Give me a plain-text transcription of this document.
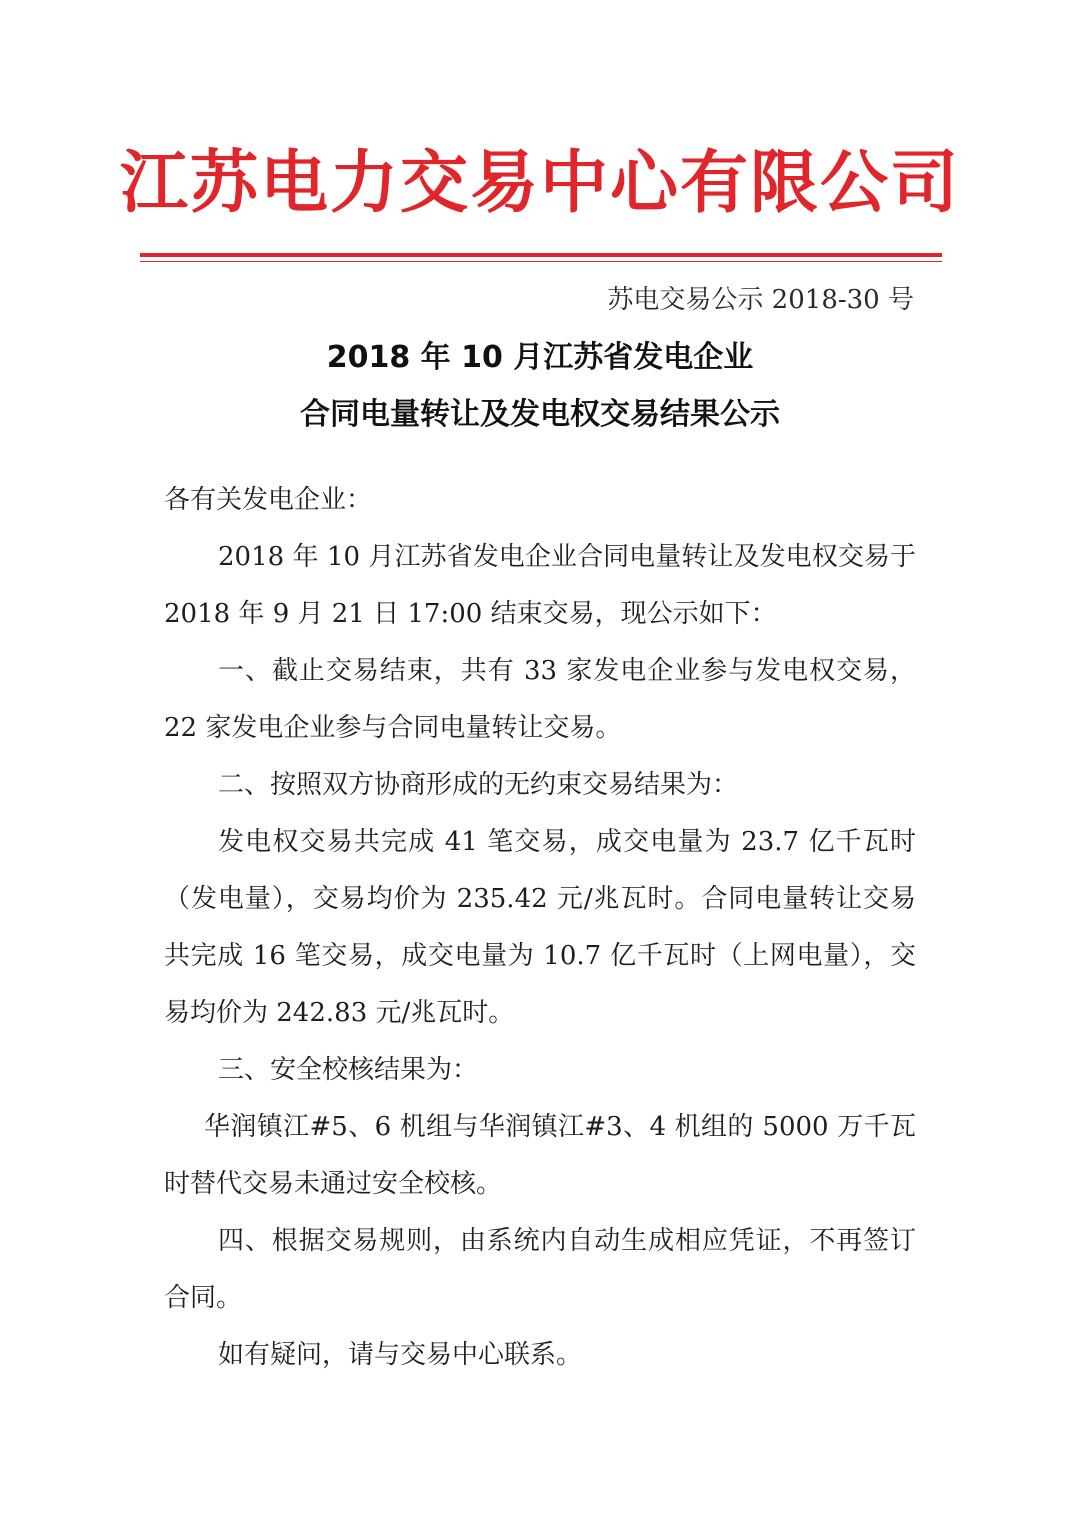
江苏电力交易中心有限公司
苏电交易公示 2018-30 号
2018 年 10 月江苏省发电企业
合同电量转让及发电权交易结果公示
各有关发电企业：
2018 年 10 月江苏省发电企业合同电量转让及发电权交易于 2018 年 9 月 21 日 17:00 结束交易，现公示如下：
一、截止交易结束，共有 33 家发电企业参与发电权交易，22 家发电企业参与合同电量转让交易。
二、按照双方协商形成的无约束交易结果为：
发电权交易共完成 41 笔交易，成交电量为 23.7 亿千瓦时（发电量），交易均价为 235.42 元/兆瓦时。合同电量转让交易共完成 16 笔交易，成交电量为 10.7 亿千瓦时（上网电量），交易均价为 242.83 元/兆瓦时。
三、安全校核结果为：
华润镇江#5、6 机组与华润镇江#3、4 机组的 5000 万千瓦时替代交易未通过安全校核。
四、根据交易规则，由系统内自动生成相应凭证，不再签订合同。
如有疑问，请与交易中心联系。
